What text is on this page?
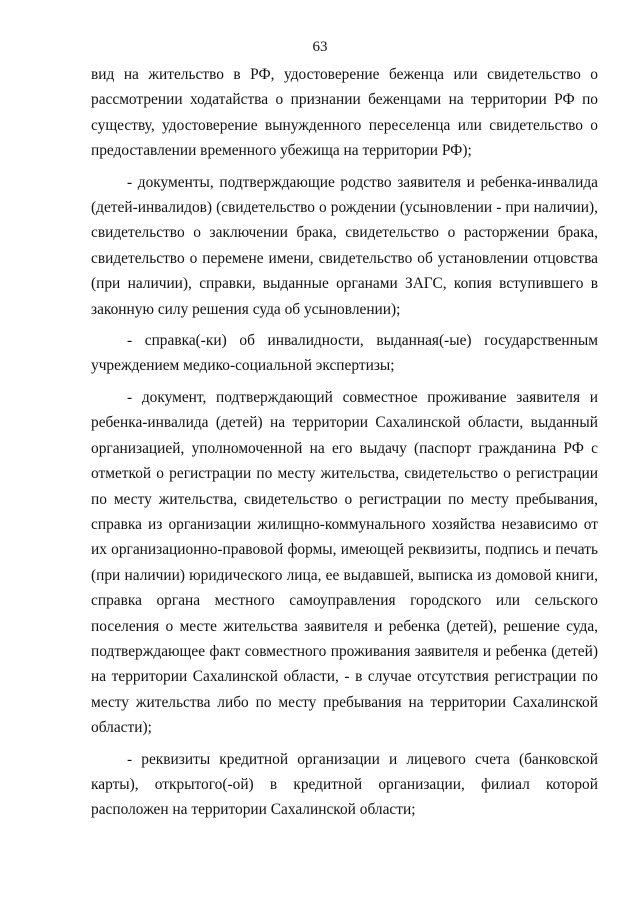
63

вид на жительство в РФ, удостоверение беженца или свидетельство о рассмотрении ходатайства о признании беженцами на территории РФ по существу, удостоверение вынужденного переселенца или свидетельство о предоставлении временного убежища на территории РФ);

- документы, подтверждающие родство заявителя и ребенка-инвалида (детей-инвалидов) (свидетельство о рождении (усыновлении - при наличии), свидетельство о заключении брака, свидетельство о расторжении брака, свидетельство о перемене имени, свидетельство об установлении отцовства (при наличии), справки, выданные органами ЗАГС, копия вступившего в законную силу решения суда об усыновлении);

- справка(-ки) об инвалидности, выданная(-ые) государственным учреждением медико-социальной экспертизы;

- документ, подтверждающий совместное проживание заявителя и ребенка-инвалида (детей) на территории Сахалинской области, выданный организацией, уполномоченной на его выдачу (паспорт гражданина РФ с отметкой о регистрации по месту жительства, свидетельство о регистрации по месту жительства, свидетельство о регистрации по месту пребывания, справка из организации жилищно-коммунального хозяйства независимо от их организационно-правовой формы, имеющей реквизиты, подпись и печать (при наличии) юридического лица, ее выдавшей, выписка из домовой книги, справка органа местного самоуправления городского или сельского поселения о месте жительства заявителя и ребенка (детей), решение суда, подтверждающее факт совместного проживания заявителя и ребенка (детей) на территории Сахалинской области, - в случае отсутствия регистрации по месту жительства либо по месту пребывания на территории Сахалинской области);

- реквизиты кредитной организации и лицевого счета (банковской карты), открытого(-ой) в кредитной организации, филиал которой расположен на территории Сахалинской области;
